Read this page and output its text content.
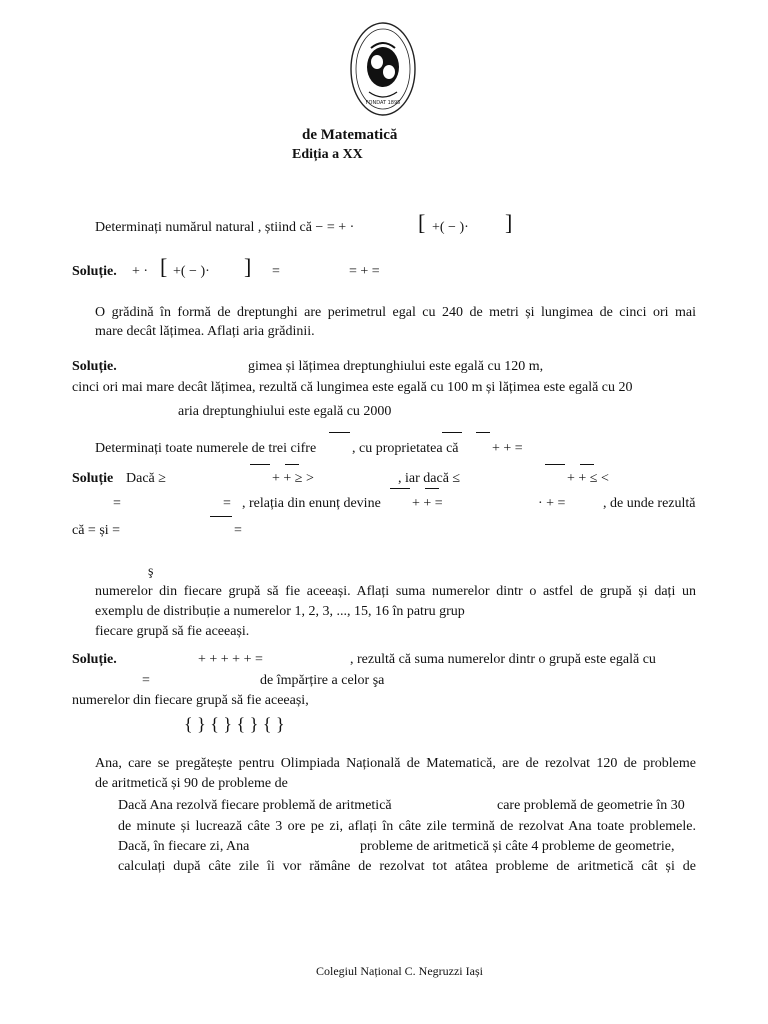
FONDAT 1895
de Matematică
Ediția a XX
Determinați numărul natural , știind că − = + ·	[ +( − )· ]
Soluție. + · [ +( − )· ] =	= + =
O grădină în formă de dreptunghi are perimetrul egal cu 240 de metri și lungimea de cinci ori mai
mare decât lățimea. Aflați aria grădinii.
Soluție.	gimea și lățimea dreptunghiului este egală cu 120 m,
cinci ori mai mare decât lățimea, rezultă că lungimea este egală cu 100 m și lățimea este egală cu 20
aria dreptunghiului este egală cu 2000
Determinați toate numerele de trei cifre	, cu proprietatea că + + =
Soluție Dacă ≥	+ + ≥ >	, iar dacă ≤	+ + ≤ <
=	= , relația din enunț devine + + =	· + =	, de unde rezultă
că = și =	=
ş
numerelor din fiecare grupă să fie aceeași. Aflați suma numerelor dintr o astfel de grupă și dați un
exemplu de distribuție a numerelor 1, 2, 3, ..., 15, 16 în patru grup
fiecare grupă să fie aceeași.
Soluție.	+ + + + + =	, rezultă că suma numerelor dintr o grupă este egală cu
=	de împărțire a celor şa
numerelor din fiecare grupă să fie aceeași,
{ } { } { } { }
Ana, care se pregătește pentru Olimpiada Națională de Matematică, are de rezolvat 120 de probleme
de aritmetică și 90 de probleme de
Dacă Ana rezolvă fiecare problemă de aritmetică	care problemă de geometrie în 30
de minute și lucrează câte 3 ore pe zi, aflați în câte zile termină de rezolvat Ana toate problemele.
Dacă, în fiecare zi, Ana	probleme de aritmetică și câte 4 probleme de geometrie,
calculați după câte zile îi vor rămâne de rezolvat tot atâtea probleme de aritmetică cât și de
Colegiul Național C. Negruzzi Iași
